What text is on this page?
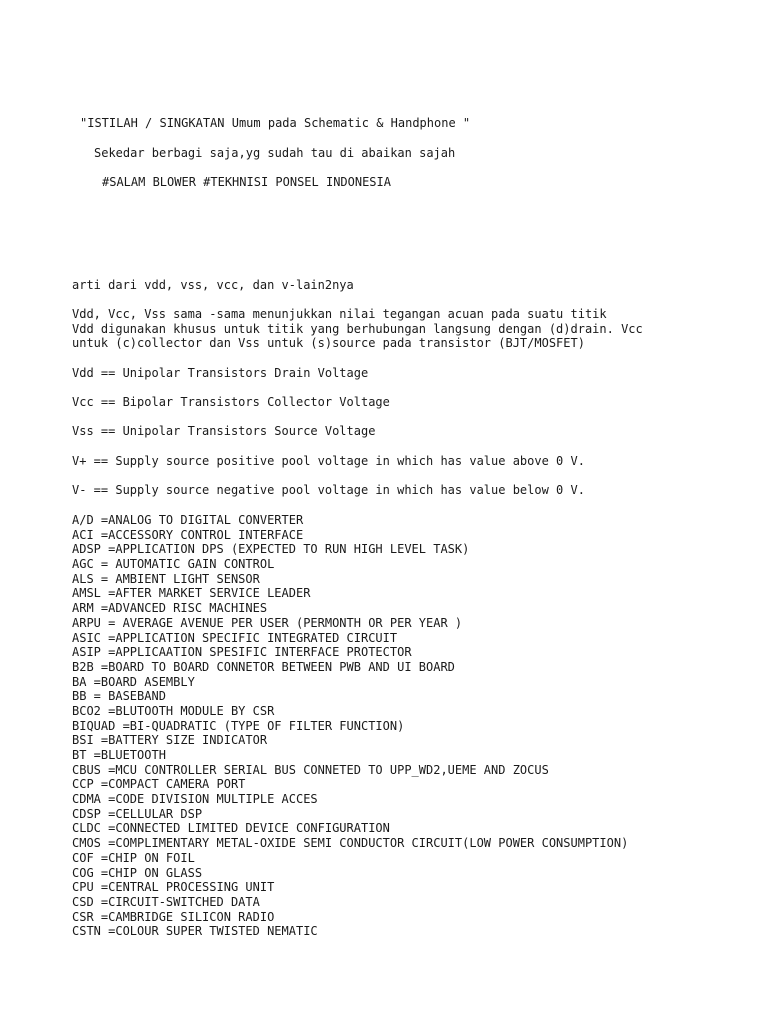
"ISTILAH / SINGKATAN Umum pada Schematic & Handphone "
Sekedar berbagi saja,yg sudah tau di abaikan sajah
#SALAM BLOWER #TEKHNISI PONSEL INDONESIA
arti dari vdd, vss, vcc, dan v-lain2nya
Vdd, Vcc, Vss sama -sama menunjukkan nilai tegangan acuan pada suatu titik
Vdd digunakan khusus untuk titik yang berhubungan langsung dengan (d)drain. Vcc
untuk (c)collector dan Vss untuk (s)source pada transistor (BJT/MOSFET)
Vdd == Unipolar Transistors Drain Voltage
Vcc == Bipolar Transistors Collector Voltage
Vss == Unipolar Transistors Source Voltage
V+ == Supply source positive pool voltage in which has value above 0 V.
V- == Supply source negative pool voltage in which has value below 0 V.
A/D =ANALOG TO DIGITAL CONVERTER
ACI =ACCESSORY CONTROL INTERFACE
ADSP =APPLICATION DPS (EXPECTED TO RUN HIGH LEVEL TASK)
AGC = AUTOMATIC GAIN CONTROL
ALS = AMBIENT LIGHT SENSOR
AMSL =AFTER MARKET SERVICE LEADER
ARM =ADVANCED RISC MACHINES
ARPU = AVERAGE AVENUE PER USER (PERMONTH OR PER YEAR )
ASIC =APPLICATION SPECIFIC INTEGRATED CIRCUIT
ASIP =APPLICAATION SPESIFIC INTERFACE PROTECTOR
B2B =BOARD TO BOARD CONNETOR BETWEEN PWB AND UI BOARD
BA =BOARD ASEMBLY
BB = BASEBAND
BCO2 =BLUTOOTH MODULE BY CSR
BIQUAD =BI-QUADRATIC (TYPE OF FILTER FUNCTION)
BSI =BATTERY SIZE INDICATOR
BT =BLUETOOTH
CBUS =MCU CONTROLLER SERIAL BUS CONNETED TO UPP_WD2,UEME AND ZOCUS
CCP =COMPACT CAMERA PORT
CDMA =CODE DIVISION MULTIPLE ACCES
CDSP =CELLULAR DSP
CLDC =CONNECTED LIMITED DEVICE CONFIGURATION
CMOS =COMPLIMENTARY METAL-OXIDE SEMI CONDUCTOR CIRCUIT(LOW POWER CONSUMPTION)
COF =CHIP ON FOIL
COG =CHIP ON GLASS
CPU =CENTRAL PROCESSING UNIT
CSD =CIRCUIT-SWITCHED DATA
CSR =CAMBRIDGE SILICON RADIO
CSTN =COLOUR SUPER TWISTED NEMATIC
